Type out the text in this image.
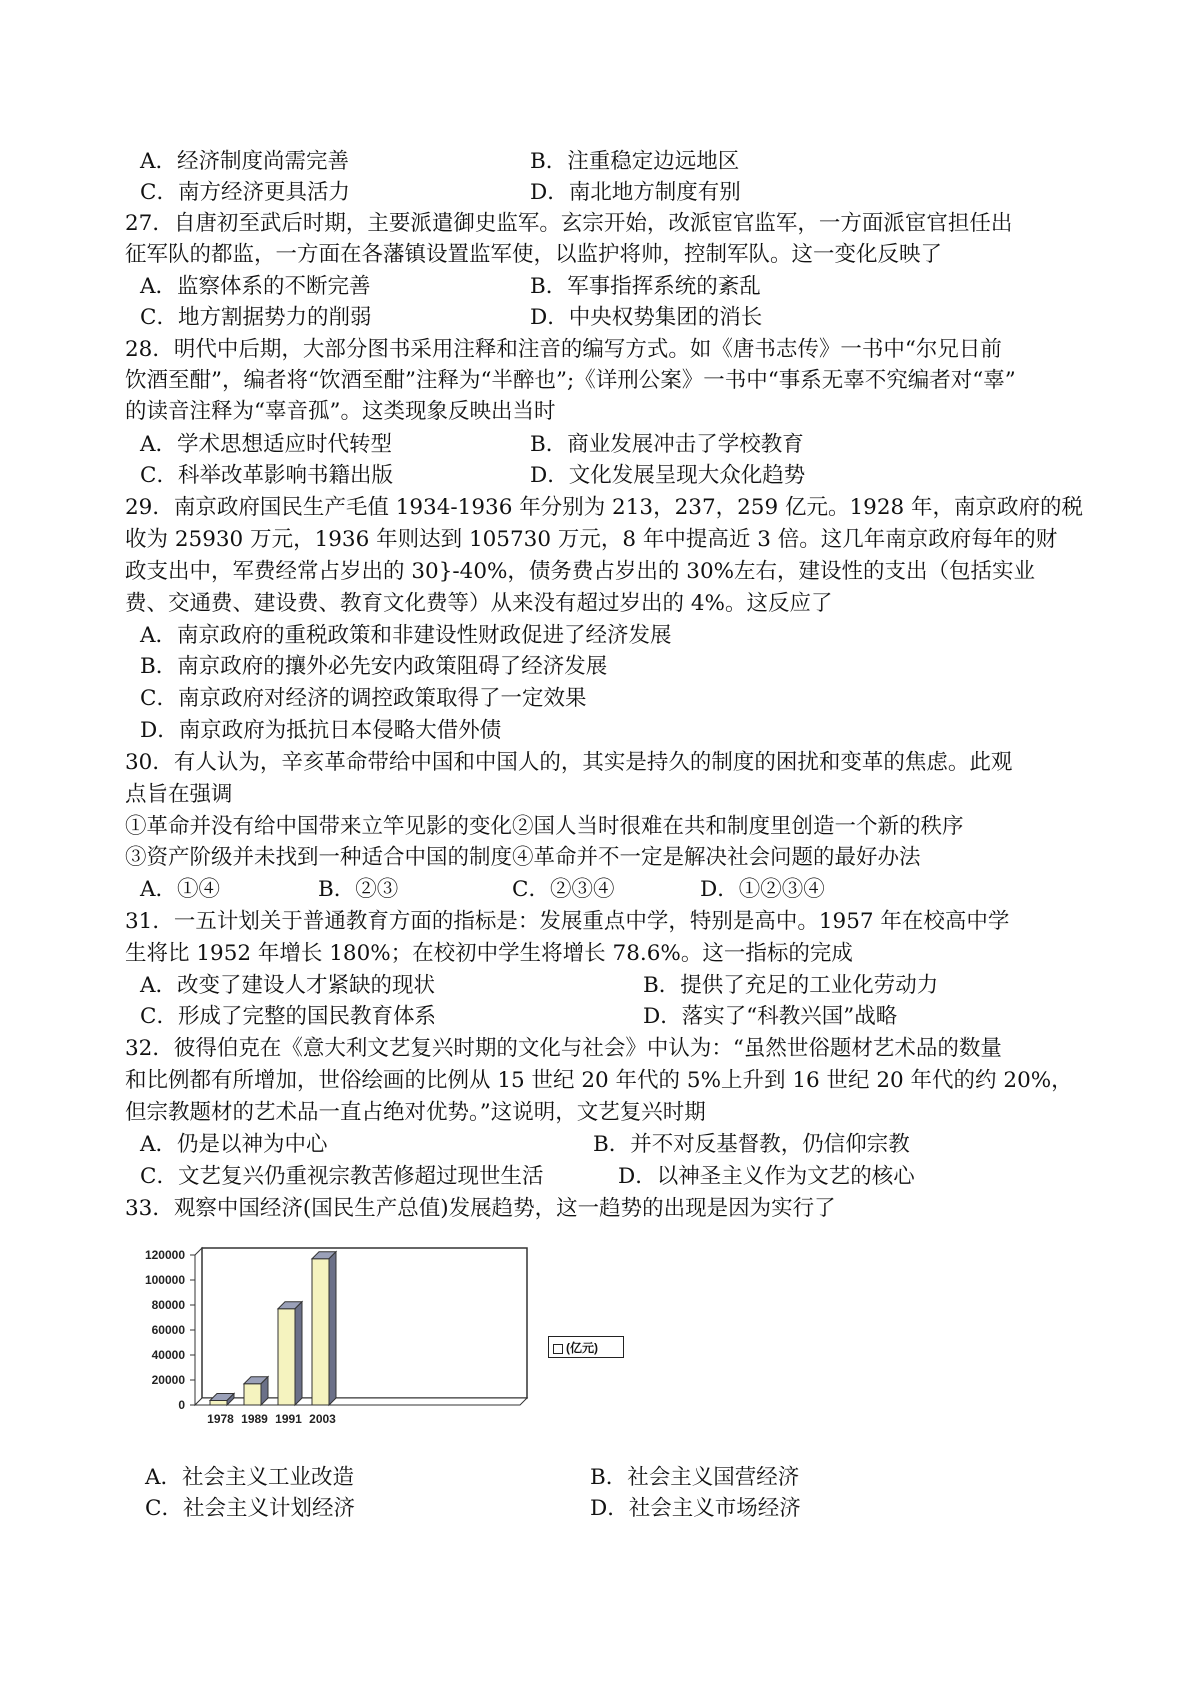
A．经济制度尚需完善	B．注重稳定边远地区
C．南方经济更具活力	D．南北地方制度有别
27．自唐初至武后时期，主要派遣御史监军。玄宗开始，改派宦官监军，一方面派宦官担任出
征军队的都监，一方面在各藩镇设置监军使，以监护将帅，控制军队。这一变化反映了
A．监察体系的不断完善	B．军事指挥系统的紊乱
C．地方割据势力的削弱	D．中央权势集团的消长
28．明代中后期，大部分图书采用注释和注音的编写方式。如《唐书志传》一书中“尔兄日前
饮酒至酣”，编者将“饮酒至酣”注释为“半醉也”;《详刑公案》一书中“事系无辜不究编者对“辜”
的读音注释为“辜音孤”。这类现象反映出当时
A．学术思想适应时代转型	B．商业发展冲击了学校教育
C．科举改革影响书籍出版	D．文化发展呈现大众化趋势
29．南京政府国民生产毛值 1934-1936 年分别为 213，237，259 亿元。1928 年，南京政府的税
收为 25930 万元，1936 年则达到 105730 万元，8 年中提高近 3 倍。这几年南京政府每年的财
政支出中，军费经常占岁出的 30}-40%，债务费占岁出的 30%左右，建设性的支出（包括实业
费、交通费、建设费、教育文化费等）从来没有超过岁出的 4%。这反应了
A．南京政府的重税政策和非建设性财政促进了经济发展
B．南京政府的攘外必先安内政策阻碍了经济发展
C．南京政府对经济的调控政策取得了一定效果
D．南京政府为抵抗日本侵略大借外债
30．有人认为，辛亥革命带给中国和中国人的，其实是持久的制度的困扰和变革的焦虑。此观
点旨在强调
①革命并没有给中国带来立竿见影的变化②国人当时很难在共和制度里创造一个新的秩序
③资产阶级并未找到一种适合中国的制度④革命并不一定是解决社会问题的最好办法
A．①④	B．②③	C．②③④	D．①②③④
31．一五计划关于普通教育方面的指标是：发展重点中学，特别是高中。1957 年在校高中学
生将比 1952 年增长 180%；在校初中学生将增长 78.6%。这一指标的完成
A．改变了建设人才紧缺的现状	B．提供了充足的工业化劳动力
C．形成了完整的国民教育体系	D．落实了“科教兴国”战略
32．彼得伯克在《意大利文艺复兴时期的文化与社会》中认为：“虽然世俗题材艺术品的数量
和比例都有所增加，世俗绘画的比例从 15 世纪 20 年代的 5%上升到 16 世纪 20 年代的约 20%，
但宗教题材的艺术品一直占绝对优势。”这说明，文艺复兴时期
A．仍是以神为中心	B．并不对反基督教，仍信仰宗教
C．文艺复兴仍重视宗教苦修超过现世生活	D．以神圣主义作为文艺的核心
33．观察中国经济(国民生产总值)发展趋势，这一趋势的出现是因为实行了
0
20000
40000
60000
80000
100000
120000
1978 1989 1991 2003
(亿元)
A．社会主义工业改造	B．社会主义国营经济
C．社会主义计划经济	D．社会主义市场经济
